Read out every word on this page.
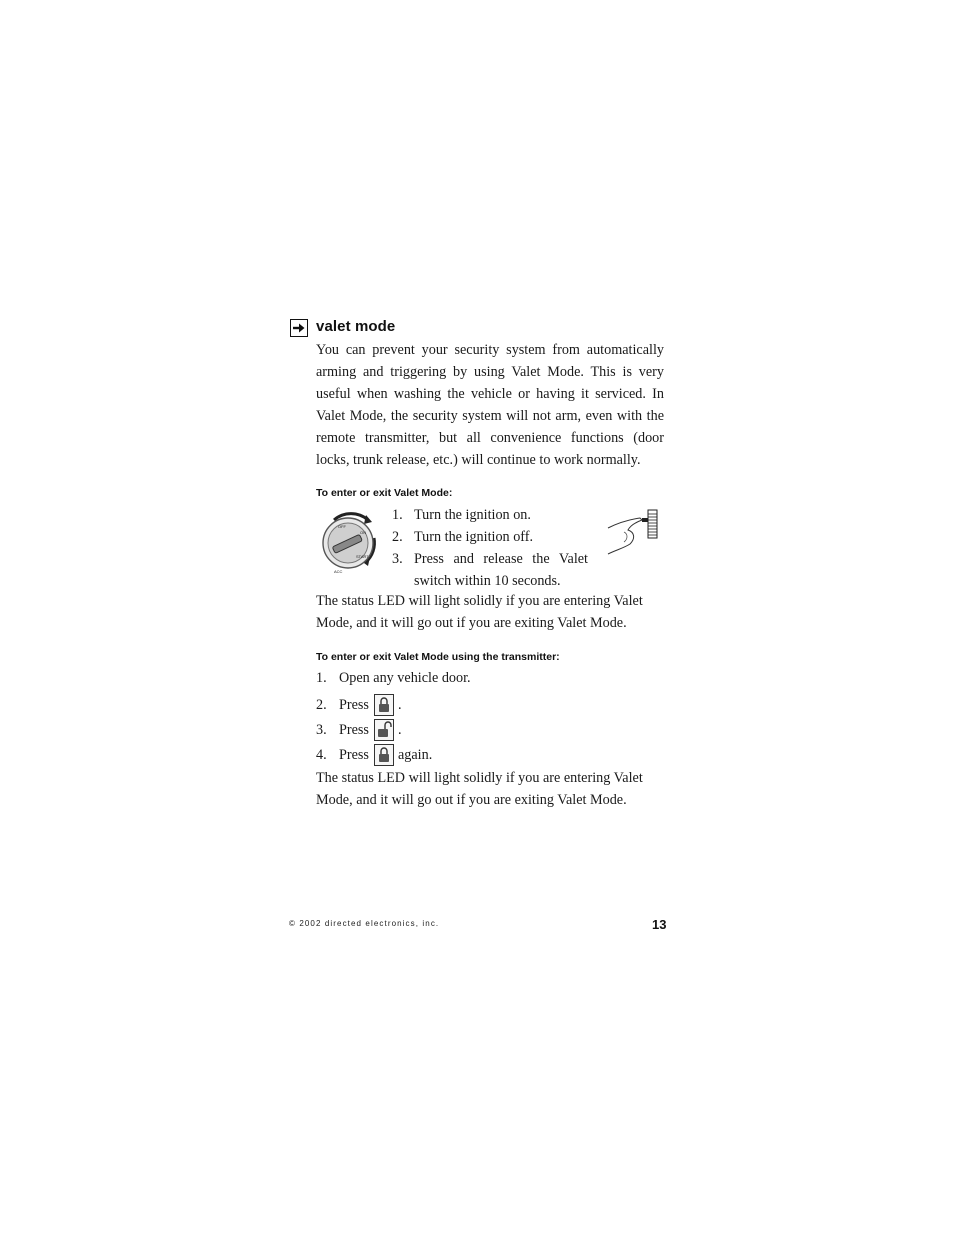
valet mode
You can prevent your security system from automatically arming and triggering by using Valet Mode. This is very useful when washing the vehicle or having it serviced. In Valet Mode, the security system will not arm, even with the remote transmitter, but all convenience functions (door locks, trunk release, etc.) will continue to work normally.
To enter or exit Valet Mode:
OFF
ON
START
ACC
1. Turn the ignition on.
2. Turn the ignition off.
3. Press and release the Valet
switch within 10 seconds.
The status LED will light solidly if you are entering Valet Mode, and it will go out if you are exiting Valet Mode.
To enter or exit Valet Mode using the transmitter:
1. Open any vehicle door.
2. Press .
3. Press .
4. Press again.
The status LED will light solidly if you are entering Valet Mode, and it will go out if you are exiting Valet Mode.
© 2002 directed electronics, inc.	13
